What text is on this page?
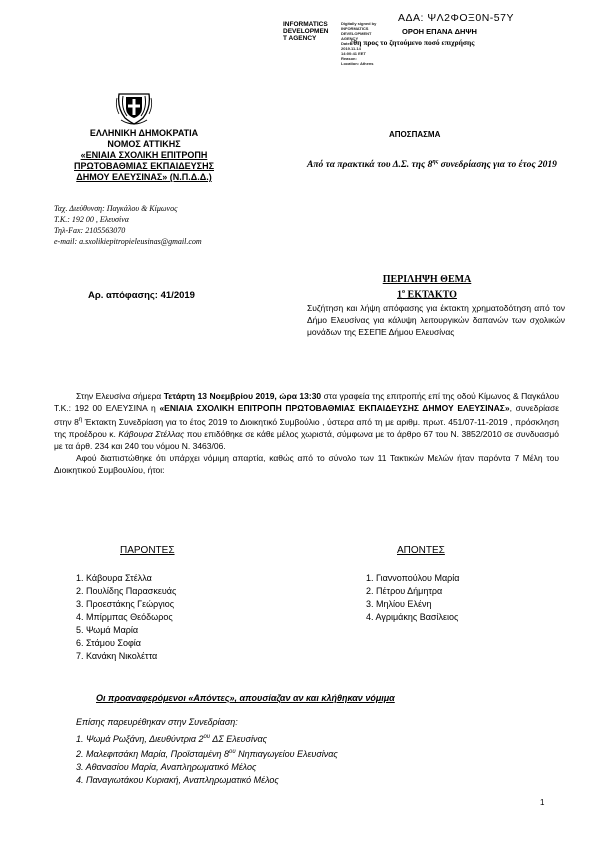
ΑΔΑ: ΨΛ2ΦΟΞ0Ν-57Υ
INFORMATICS
DEVELOPMEN
T AGENCY
Digitally signed by
INFORMATICS
DEVELOPMENT AGENCY
Date:
2019.11.14
14:00:41 EET
Reason:
Location: Athens
ΟΡΟΗ ΕΠΑΝΑ ΔΗΨΗ
έθη προς το ζητούμενο ποσό επιχρήσης
ΕΛΛΗΝΙΚΗ ΔΗΜΟΚΡΑΤΙΑ
ΝΟΜΟΣ ΑΤΤΙΚΗΣ
«ΕΝΙΑΙΑ ΣΧΟΛΙΚΗ ΕΠΙΤΡΟΠΗ
ΠΡΩΤΟΒΑΘΜΙΑΣ ΕΚΠΑΙΔΕΥΣΗΣ
ΔΗΜΟΥ ΕΛΕΥΣΙΝΑΣ» (Ν.Π.Δ.Δ.)
Ταχ. Διεύθυνση: Παγκάλου & Κίμωνος
Τ.Κ.: 192 00 , Ελευσίνα
Τηλ-Fax: 2105563070
e-mail: a.sxolikiepitropieleusinas@gmail.com
ΑΠΟΣΠΑΣΜΑ
Από τα πρακτικά του Δ.Σ. της $8^{\eta\varsigma}$ συνεδρίασης για το έτος 2019
Αρ. απόφασης: 41/2019
ΠΕΡΙΛΗΨΗ ΘΕΜΑ
$1^o$ ΕΚΤΑΚΤΟ
Συζήτηση και λήψη απόφασης για έκτακτη χρηματοδότηση από τον Δήμο Ελευσίνας για κάλυψη λειτουργικών δαπανών των σχολικών μονάδων της ΕΣΕΠΕ Δήμου Ελευσίνας

Στην Ελευσίνα σήμερα Τετάρτη 13 Νοεμβρίου 2019, ώρα 13:30 στα γραφεία της επιτροπής επί της οδού Κίμωνος & Παγκάλου Τ.Κ.: 192 00 ΕΛΕΥΣΙΝΑ η «ΕΝΙΑΙΑ ΣΧΟΛΙΚΗ ΕΠΙΤΡΟΠΗ ΠΡΩΤΟΒΑΘΜΙΑΣ ΕΚΠΑΙΔΕΥΣΗΣ ΔΗΜΟΥ ΕΛΕΥΣΙΝΑΣ», συνεδρίασε στην $8^\eta$ Έκτακτη Συνεδρίαση για το έτος 2019 το Διοικητικό Συμβούλιο , ύστερα από τη με αριθμ. πρωτ. 451/07-11-2019 , πρόσκληση της προέδρου κ. Κάβουρα Στέλλας που επιδόθηκε σε κάθε μέλος χωριστά, σύμφωνα με το άρθρο 67 του Ν. 3852/2010 σε συνδυασμό με τα άρθ. 234 και 240 του νόμου Ν. 3463/06.

Αφού διαπιστώθηκε ότι υπάρχει νόμιμη απαρτία, καθώς από το σύνολο των 11 Τακτικών Μελών ήταν παρόντα 7 Μέλη του Διοικητικού Συμβουλίου, ήτοι:

ΠΑΡΟΝΤΕΣ	ΑΠΟΝΤΕΣ
1. Κάβουρα Στέλλα
2. Πουλίδης Παρασκευάς
3. Προεστάκης Γεώργιος
4. Μπίρμπας Θεόδωρος
5. Ψωμά Μαρία
6. Στάμου Σοφία
7. Κανάκη Νικολέττα
1. Γιαννοπούλου Μαρία
2. Πέτρου Δήμητρα
3. Μηλίου Ελένη
4. Αγριμάκης Βασίλειος
Οι προαναφερόμενοι «Απόντες», απουσίαζαν αν και κλήθηκαν νόμιμα
Επίσης παρευρέθηκαν στην Συνεδρίαση:
1. Ψωμά Ρωξάνη, Διευθύντρια $2^{o\upsilon}$ ΔΣ Ελευσίνας
2. Μαλεφιτσάκη Μαρία, Προϊσταμένη $8^{o\upsilon}$ Νηπιαγωγείου Ελευσίνας
3. Αθανασίου Μαρία, Αναπληρωματικό Μέλος
4. Παναγιωτάκου Κυριακή, Αναπληρωματικό Μέλος
1
